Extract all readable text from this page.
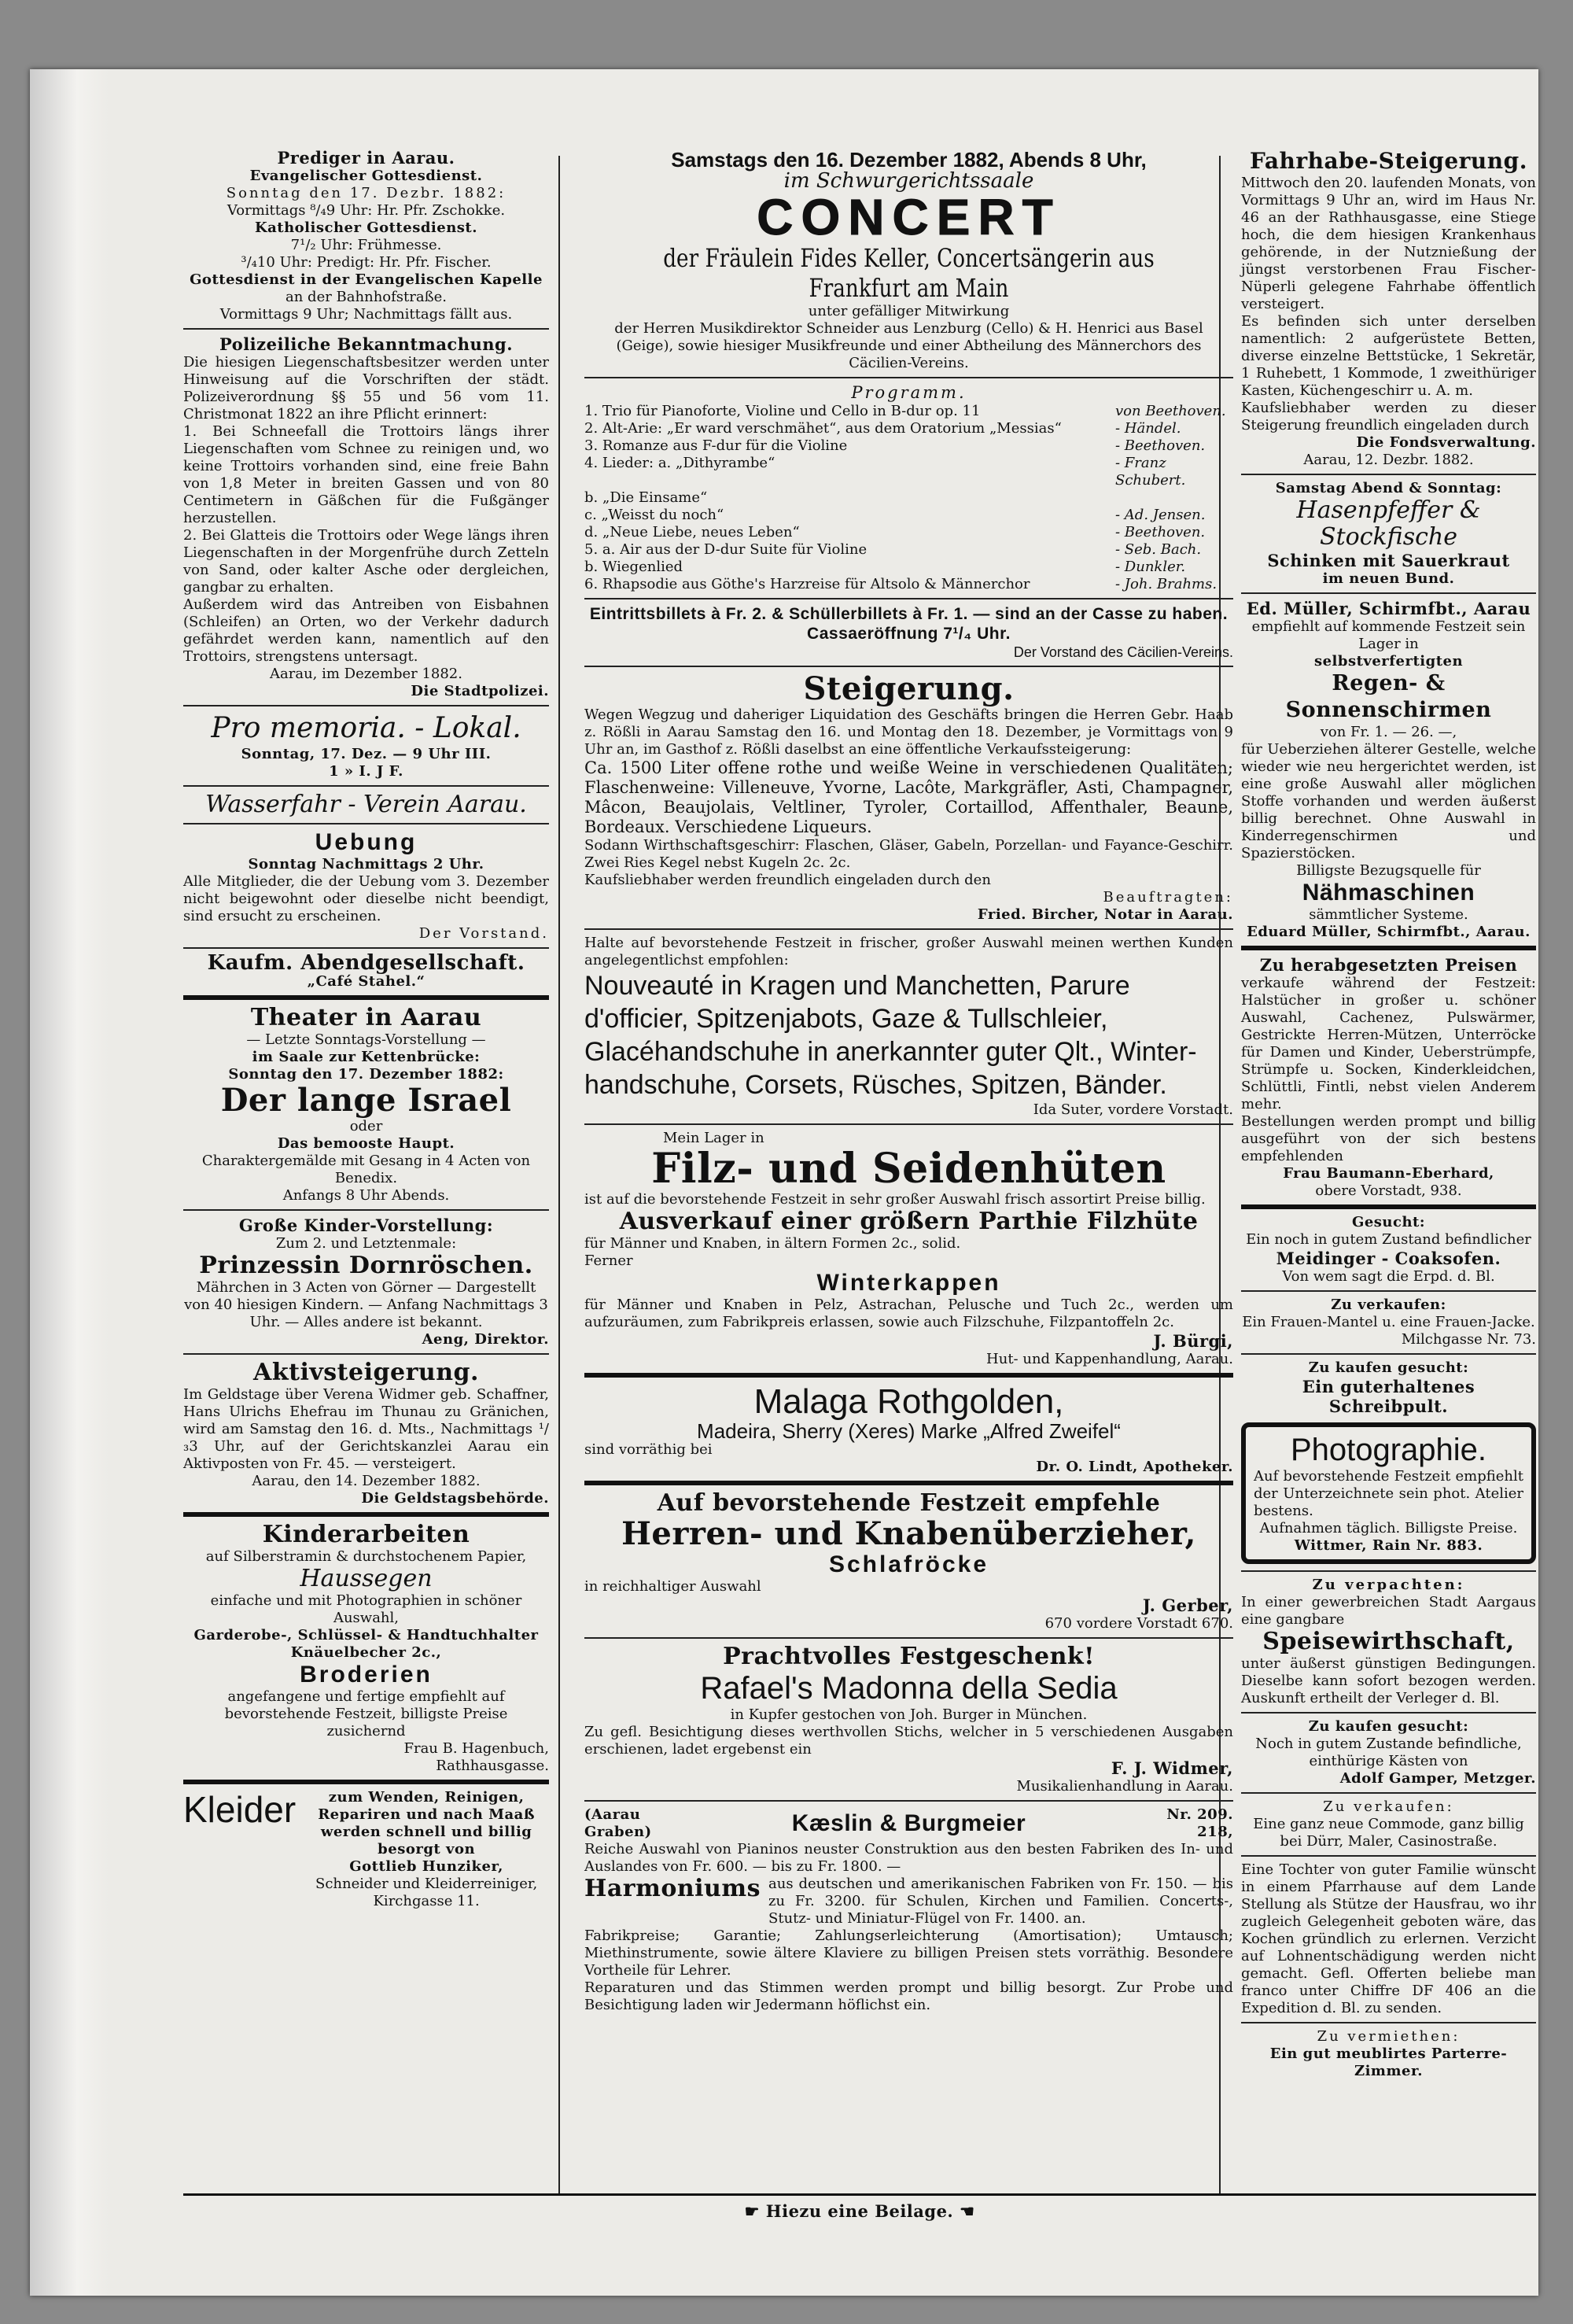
Prediger in Aarau.

Evangelischer Gottesdienst.

Sonntag den 17. Dezbr. 1882:

Vormittags ⁸/₄9 Uhr: Hr. Pfr. Zschokke.

Katholischer Gottesdienst.

7¹/₂ Uhr: Frühmesse.

³/₄10 Uhr: Predigt: Hr. Pfr. Fischer.

Gottesdienst in der Evangelischen Kapelle

an der Bahnhofstraße.

Vormittags 9 Uhr; Nachmittags fällt aus.

Polizeiliche Bekanntmachung.

Die hiesigen Liegenschaftsbesitzer werden unter Hinweisung auf die Vorschriften der städt. Polizeiverordnung §§ 55 und 56 vom 11. Christmonat 1822 an ihre Pflicht erinnert:

1. Bei Schneefall die Trottoirs längs ihrer Liegenschaften vom Schnee zu reinigen und, wo keine Trottoirs vorhanden sind, eine freie Bahn von 1,8 Meter in breiten Gassen und von 80 Centimetern in Gäßchen für die Fußgänger herzustellen.

2. Bei Glatteis die Trottoirs oder Wege längs ihren Liegenschaften in der Morgenfrühe durch Zetteln von Sand, oder kalter Asche oder dergleichen, gangbar zu erhalten.

Außerdem wird das Antreiben von Eisbahnen (Schleifen) an Orten, wo der Verkehr dadurch gefährdet werden kann, namentlich auf den Trottoirs, strengstens untersagt.

Aarau, im Dezember 1882.

Die Stadtpolizei.

Pro memoria. - Lokal.

Sonntag, 17. Dez. — 9 Uhr III.

1 » I. J F.

Wasserfahr - Verein Aarau.

Uebung

Sonntag Nachmittags 2 Uhr.

Alle Mitglieder, die der Uebung vom 3. Dezember nicht beigewohnt oder dieselbe nicht beendigt, sind ersucht zu erscheinen.

Der Vorstand.

Kaufm. Abendgesellschaft.

„Café Stahel.“

Theater in Aarau

— Letzte Sonntags-Vorstellung —

im Saale zur Kettenbrücke:

Sonntag den 17. Dezember 1882:

Der lange Israel

oder

Das bemooste Haupt.

Charaktergemälde mit Gesang in 4 Acten von Benedix.

Anfangs 8 Uhr Abends.

Große Kinder-Vorstellung:

Zum 2. und Letztenmale:

Prinzessin Dornröschen.

Mährchen in 3 Acten von Görner — Dargestellt von 40 hiesigen Kindern. — Anfang Nachmittags 3 Uhr. — Alles andere ist bekannt.

Aeng, Direktor.

Aktivsteigerung.

Im Geldstage über Verena Widmer geb. Schaffner, Hans Ulrichs Ehefrau im Thunau zu Gränichen, wird am Samstag den 16. d. Mts., Nachmittags ¹/₃3 Uhr, auf der Gerichtskanzlei Aarau ein Aktivposten von Fr. 45. — versteigert.

Aarau, den 14. Dezember 1882.

Die Geldstagsbehörde.

Kinderarbeiten

auf Silberstramin & durchstochenem Papier,

Haussegen

einfache und mit Photographien in schöner Auswahl,

Garderobe-, Schlüssel- & Handtuchhalter

Knäuelbecher 2c.,

Broderien

angefangene und fertige empfiehlt auf bevorstehende Festzeit, billigste Preise zusichernd

Frau B. Hagenbuch,

Rathhausgasse.

Kleider	zum Wenden, Reinigen, Repariren und nach Maaß werden schnell und billig besorgt von

Gottlieb Hunziker,

Schneider und Kleiderreiniger,

Kirchgasse 11.

Samstags den 16. Dezember 1882, Abends 8 Uhr,

im Schwurgerichtssaale

CONCERT

der Fräulein Fides Keller, Concertsängerin aus Frankfurt am Main

unter gefälliger Mitwirkung

der Herren Musikdirektor Schneider aus Lenzburg (Cello) & H. Henrici aus Basel (Geige), sowie hiesiger Musikfreunde und einer Abtheilung des Männerchors des Cäcilien-Vereins.

Programm.

1. Trio für Pianoforte, Violine und Cello in B-dur op. 11	von Beethoven.
2. Alt-Arie: „Er ward verschmähet“, aus dem Oratorium „Messias“	- Händel.
3. Romanze aus F-dur für die Violine	- Beethoven.
4. Lieder: a. „Dithyrambe“	- Franz Schubert.
b. „Die Einsame“
c. „Weisst du noch“	- Ad. Jensen.
d. „Neue Liebe, neues Leben“	- Beethoven.
5. a. Air aus der D-dur Suite für Violine	- Seb. Bach.
b. Wiegenlied	- Dunkler.
6. Rhapsodie aus Göthe's Harzreise für Altsolo & Männerchor	- Joh. Brahms.

Eintrittsbillets à Fr. 2. & Schüllerbillets à Fr. 1. — sind an der Casse zu haben. Cassaeröffnung 7¹/₄ Uhr.

Der Vorstand des Cäcilien-Vereins.

Steigerung.

Wegen Wegzug und daheriger Liquidation des Geschäfts bringen die Herren Gebr. Haab z. Rößli in Aarau Samstag den 16. und Montag den 18. Dezember, je Vormittags von 9 Uhr an, im Gasthof z. Rößli daselbst an eine öffentliche Verkaufssteigerung:

Ca. 1500 Liter offene rothe und weiße Weine in verschiedenen Qualitäten; Flaschenweine: Villeneuve, Yvorne, Lacôte, Markgräfler, Asti, Champagner, Mâcon, Beaujolais, Veltliner, Tyroler, Cortaillod, Affenthaler, Beaune, Bordeaux. Verschiedene Liqueurs.

Sodann Wirthschaftsgeschirr: Flaschen, Gläser, Gabeln, Porzellan- und Fayance-Geschirr. Zwei Ries Kegel nebst Kugeln 2c. 2c.

Kaufsliebhaber werden freundlich eingeladen durch den

Beauftragten:

Fried. Bircher, Notar in Aarau.

Halte auf bevorstehende Festzeit in frischer, großer Auswahl meinen werthen Kunden angelegentlichst empfohlen:

Nouveauté in Kragen und Manchetten, Parure

d'officier, Spitzenjabots, Gaze & Tullschleier,

Glacéhandschuhe in anerkannter guter Qlt., Winter-

handschuhe, Corsets, Rüsches, Spitzen, Bänder.

Ida Suter, vordere Vorstadt.

Mein Lager in

Filz- und Seidenhüten

ist auf die bevorstehende Festzeit in sehr großer Auswahl frisch assortirt Preise billig.

Ausverkauf einer größern Parthie Filzhüte

für Männer und Knaben, in ältern Formen 2c., solid.

Ferner

Winterkappen

für Männer und Knaben in Pelz, Astrachan, Pelusche und Tuch 2c., werden um aufzuräumen, zum Fabrikpreis erlassen, sowie auch Filzschuhe, Filzpantoffeln 2c.

J. Bürgi,

Hut- und Kappenhandlung, Aarau.

Malaga Rothgolden,

Madeira, Sherry (Xeres) Marke „Alfred Zweifel“

sind vorräthig bei

Dr. O. Lindt, Apotheker.

Auf bevorstehende Festzeit empfehle

Herren- und Knabenüberzieher,

Schlafröcke

in reichhaltiger Auswahl

J. Gerber,

670 vordere Vorstadt 670.

Prachtvolles Festgeschenk!

Rafael's Madonna della Sedia

in Kupfer gestochen von Joh. Burger in München.

Zu gefl. Besichtigung dieses werthvollen Stichs, welcher in 5 verschiedenen Ausgaben erschienen, ladet ergebenst ein

F. J. Widmer,

Musikalienhandlung in Aarau.

(Aarau Graben)	Kæslin & Burgmeier	Nr. 209. 218,

Reiche Auswahl von Pianinos neuster Construktion aus den besten Fabriken des In- und Auslandes von Fr. 600. — bis zu Fr. 1800. —

Harmoniums aus deutschen und amerikanischen Fabriken von Fr. 150. — bis zu Fr. 3200. für Schulen, Kirchen und Familien. Concerts-, Stutz- und Miniatur-Flügel von Fr. 1400. an.

Fabrikpreise; Garantie; Zahlungserleichterung (Amortisation); Umtausch; Miethinstrumente, sowie ältere Klaviere zu billigen Preisen stets vorräthig. Besondere Vortheile für Lehrer.

Reparaturen und das Stimmen werden prompt und billig besorgt. Zur Probe und Besichtigung laden wir Jedermann höflichst ein.

Fahrhabe-Steigerung.

Mittwoch den 20. laufenden Monats, von Vormittags 9 Uhr an, wird im Haus Nr. 46 an der Rathhausgasse, eine Stiege hoch, die dem hiesigen Krankenhaus gehörende, in der Nutznießung der jüngst verstorbenen Frau Fischer-Nüperli gelegene Fahrhabe öffentlich versteigert.

Es befinden sich unter derselben namentlich: 2 aufgerüstete Betten, diverse einzelne Bettstücke, 1 Sekretär, 1 Ruhebett, 1 Kommode, 1 zweithüriger Kasten, Küchengeschirr u. A. m.

Kaufsliebhaber werden zu dieser Steigerung freundlich eingeladen durch

Die Fondsverwaltung.

Aarau, 12. Dezbr. 1882.

Samstag Abend & Sonntag:

Hasenpfeffer & Stockfische

Schinken mit Sauerkraut

im neuen Bund.

Ed. Müller, Schirmfbt., Aarau

empfiehlt auf kommende Festzeit sein Lager in

selbstverfertigten

Regen- & Sonnenschirmen

von Fr. 1. — 26. —,

für Ueberziehen älterer Gestelle, welche wieder wie neu hergerichtet werden, ist eine große Auswahl aller möglichen Stoffe vorhanden und werden äußerst billig berechnet. Ohne Auswahl in Kinderregenschirmen und Spazierstöcken.

Billigste Bezugsquelle für

Nähmaschinen

sämmtlicher Systeme.

Eduard Müller, Schirmfbt., Aarau.

Zu herabgesetzten Preisen

verkaufe während der Festzeit: Halstücher in großer u. schöner Auswahl, Cachenez, Pulswärmer, Gestrickte Herren-Mützen, Unterröcke für Damen und Kinder, Ueberstrümpfe, Strümpfe u. Socken, Kinderkleidchen, Schlüttli, Fintli, nebst vielen Anderem mehr.

Bestellungen werden prompt und billig ausgeführt von der sich bestens empfehlenden

Frau Baumann-Eberhard,

obere Vorstadt, 938.

Gesucht:

Ein noch in gutem Zustand befindlicher

Meidinger - Coaksofen.

Von wem sagt die Erpd. d. Bl.

Zu verkaufen:

Ein Frauen-Mantel u. eine Frauen-Jacke.

Milchgasse Nr. 73.

Zu kaufen gesucht:

Ein guterhaltenes Schreibpult.

Photographie.

Auf bevorstehende Festzeit empfiehlt der Unterzeichnete sein phot. Atelier bestens.

Aufnahmen täglich. Billigste Preise.

Wittmer, Rain Nr. 883.

Zu verpachten:

In einer gewerbreichen Stadt Aargaus eine gangbare

Speisewirthschaft,

unter äußerst günstigen Bedingungen. Dieselbe kann sofort bezogen werden. Auskunft ertheilt der Verleger d. Bl.

Zu kaufen gesucht:

Noch in gutem Zustande befindliche, einthürige Kästen von

Adolf Gamper, Metzger.

Zu verkaufen:

Eine ganz neue Commode, ganz billig bei Dürr, Maler, Casinostraße.

Eine Tochter von guter Familie wünscht in einem Pfarrhause auf dem Lande Stellung als Stütze der Hausfrau, wo ihr zugleich Gelegenheit geboten wäre, das Kochen gründlich zu erlernen. Verzicht auf Lohnentschädigung werden nicht gemacht. Gefl. Offerten beliebe man franco unter Chiffre DF 406 an die Expedition d. Bl. zu senden.

Zu vermiethen:

Ein gut meublirtes Parterre-Zimmer.

☛ Hiezu eine Beilage. ☚
